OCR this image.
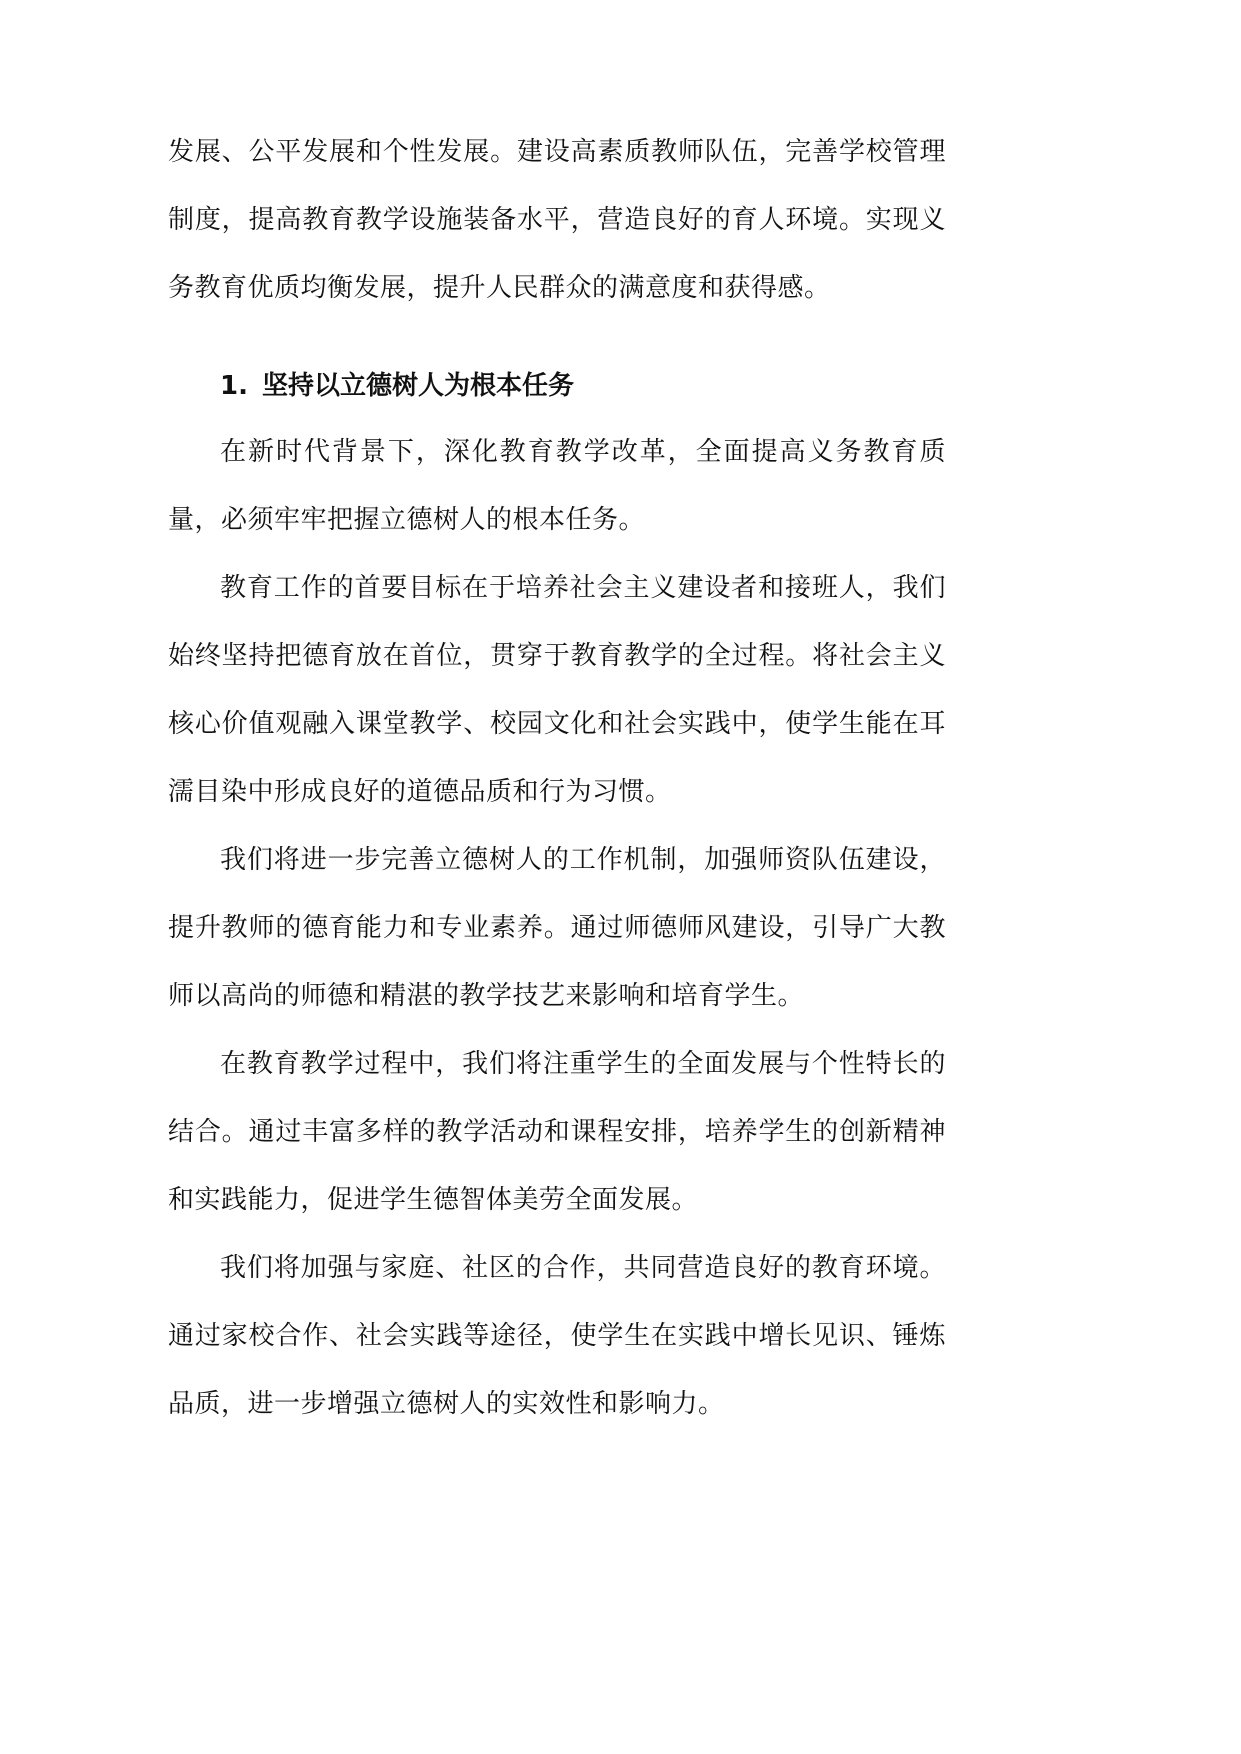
发展、公平发展和个性发展。建设高素质教师队伍，完善学校管理制度，提高教育教学设施装备水平，营造良好的育人环境。实现义务教育优质均衡发展，提升人民群众的满意度和获得感。

1. 坚持以立德树人为根本任务

在新时代背景下，深化教育教学改革，全面提高义务教育质量，必须牢牢把握立德树人的根本任务。

教育工作的首要目标在于培养社会主义建设者和接班人，我们始终坚持把德育放在首位，贯穿于教育教学的全过程。将社会主义核心价值观融入课堂教学、校园文化和社会实践中，使学生能在耳濡目染中形成良好的道德品质和行为习惯。

我们将进一步完善立德树人的工作机制，加强师资队伍建设，提升教师的德育能力和专业素养。通过师德师风建设，引导广大教师以高尚的师德和精湛的教学技艺来影响和培育学生。

在教育教学过程中，我们将注重学生的全面发展与个性特长的结合。通过丰富多样的教学活动和课程安排，培养学生的创新精神和实践能力，促进学生德智体美劳全面发展。

我们将加强与家庭、社区的合作，共同营造良好的教育环境。通过家校合作、社会实践等途径，使学生在实践中增长见识、锤炼品质，进一步增强立德树人的实效性和影响力。
